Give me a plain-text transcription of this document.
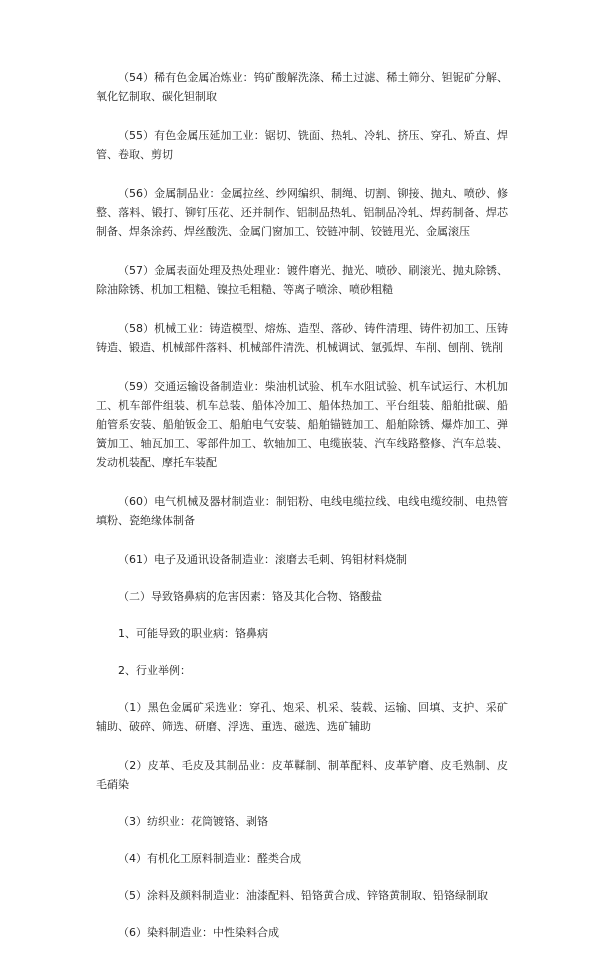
（54）稀有色金属冶炼业：钨矿酸解洗涤、稀土过滤、稀土筛分、钽铌矿分解、氧化钇制取、碳化钽制取

（55）有色金属压延加工业：锯切、铣面、热轧、冷轧、挤压、穿孔、矫直、焊管、卷取、剪切

（56）金属制品业：金属拉丝、纱网编织、制绳、切割、铆接、抛丸、喷砂、修整、落料、锻打、铆钉压花、还并制作、铝制品热轧、铝制品冷轧、焊药制备、焊芯制备、焊条涂药、焊丝酸洗、金属门窗加工、铰链冲制、铰链甩光、金属滚压

（57）金属表面处理及热处理业：镀件磨光、抛光、喷砂、刷滚光、抛丸除锈、除油除锈、机加工粗糙、镍拉毛粗糙、等离子喷涂、喷砂粗糙

（58）机械工业：铸造模型、熔炼、造型、落砂、铸件清理、铸件初加工、压铸铸造、锻造、机械部件落料、机械部件清洗、机械调试、氩弧焊、车削、刨削、铣削

（59）交通运输设备制造业：柴油机试验、机车水阻试验、机车试运行、木机加工、机车部件组装、机车总装、船体冷加工、船体热加工、平台组装、船舶批碳、船舶管系安装、船舶钣金工、船舶电气安装、船舶锚链加工、船舶除锈、爆炸加工、弹簧加工、轴瓦加工、零部件加工、软轴加工、电缆嵌装、汽车线路整修、汽车总装、发动机装配、摩托车装配

（60）电气机械及器材制造业：制铝粉、电线电缆拉线、电线电缆绞制、电热管填粉、瓷绝缘体制备

（61）电子及通讯设备制造业：滚磨去毛刺、钨钼材料烧制

（二）导致铬鼻病的危害因素：铬及其化合物、铬酸盐

1、可能导致的职业病：铬鼻病

2、行业举例：

（1）黑色金属矿采选业：穿孔、炮采、机采、装载、运输、回填、支护、采矿辅助、破碎、筛选、研磨、浮选、重选、磁选、选矿辅助

（2）皮革、毛皮及其制品业：皮革鞣制、制革配料、皮革铲磨、皮毛熟制、皮毛硝染

（3）纺织业：花筒镀铬、剥铬

（4）有机化工原料制造业：醛类合成

（5）涂料及颜料制造业：油漆配料、铅铬黄合成、锌铬黄制取、铅铬绿制取

（6）染料制造业：中性染料合成
